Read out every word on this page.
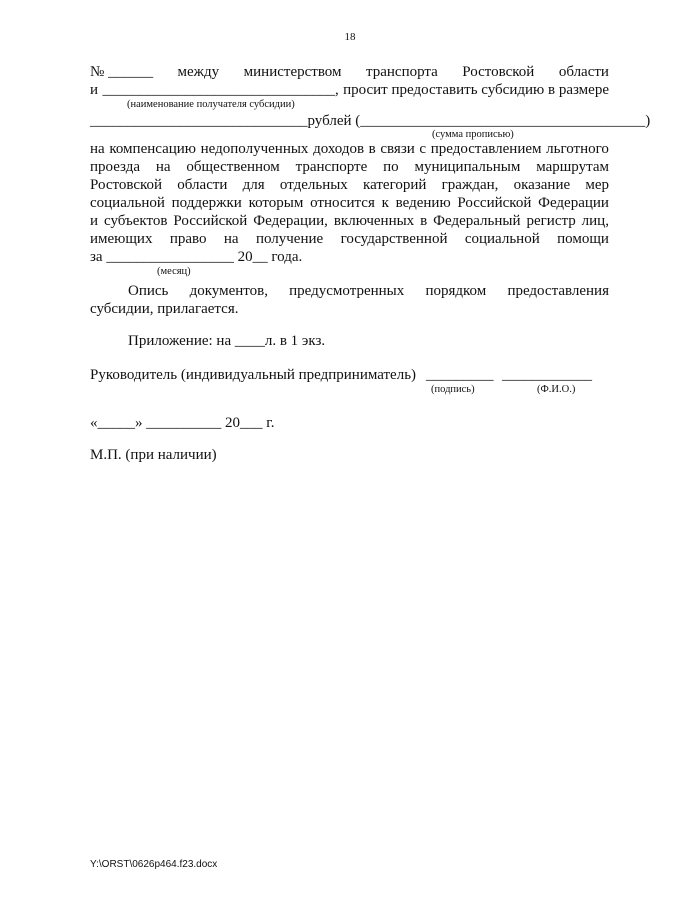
18
№ ______ между министерством транспорта Ростовской области
и _______________________________, просит предоставить субсидию в размере
(наименование получателя субсидии)
_____________________________рублей (______________________________________)
(сумма прописью)
на компенсацию недополученных доходов в связи с предоставлением льготного
проезда на общественном транспорте по муниципальным маршрутам
Ростовской области для отдельных категорий граждан, оказание мер
социальной поддержки которым относится к ведению Российской Федерации
и субъектов Российской Федерации, включенных в Федеральный регистр лиц,
имеющих право на получение государственной социальной помощи
за _________________ 20__ года.
(месяц)
Опись документов, предусмотренных порядком предоставления
субсидии, прилагается.
Приложение: на ____л. в 1 экз.
Руководитель (индивидуальный предприниматель) _________ ____________
(подпись)	(Ф.И.О.)
«_____» __________ 20___ г.
М.П. (при наличии)
Y:\ORST\0626p464.f23.docx
